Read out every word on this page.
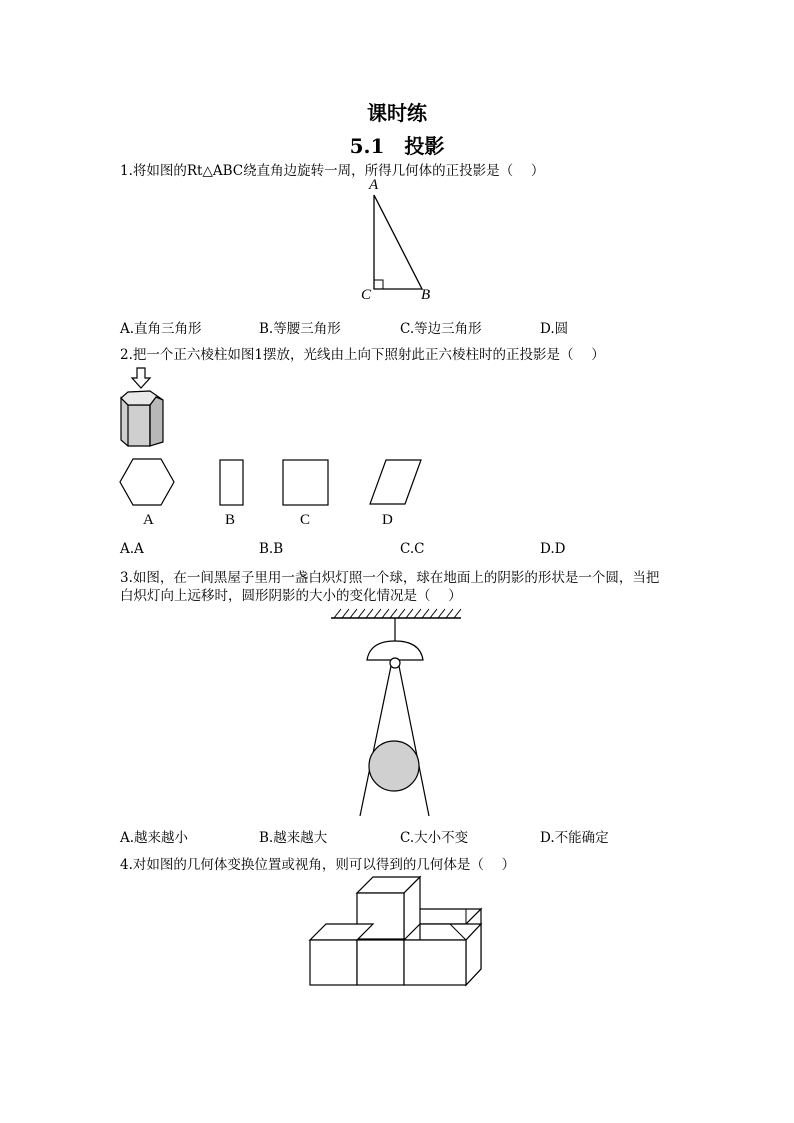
课时练
5.1　投影
1.将如图的Rt△ABC绕直角边旋转一周，所得几何体的正投影是（　 ）
A
C	B
A.直角三角形	B.等腰三角形	C.等边三角形	D.圆
2.把一个正六棱柱如图1摆放，光线由上向下照射此正六棱柱时的正投影是（　 ）
A	B	C	D
A.A	B.B	C.C	D.D
3.如图，在一间黑屋子里用一盏白炽灯照一个球，球在地面上的阴影的形状是一个圆，当把
白炽灯向上远移时，圆形阴影的大小的变化情况是（　 ）
A.越来越小	B.越来越大	C.大小不变	D.不能确定
4.对如图的几何体变换位置或视角，则可以得到的几何体是（　 ）
